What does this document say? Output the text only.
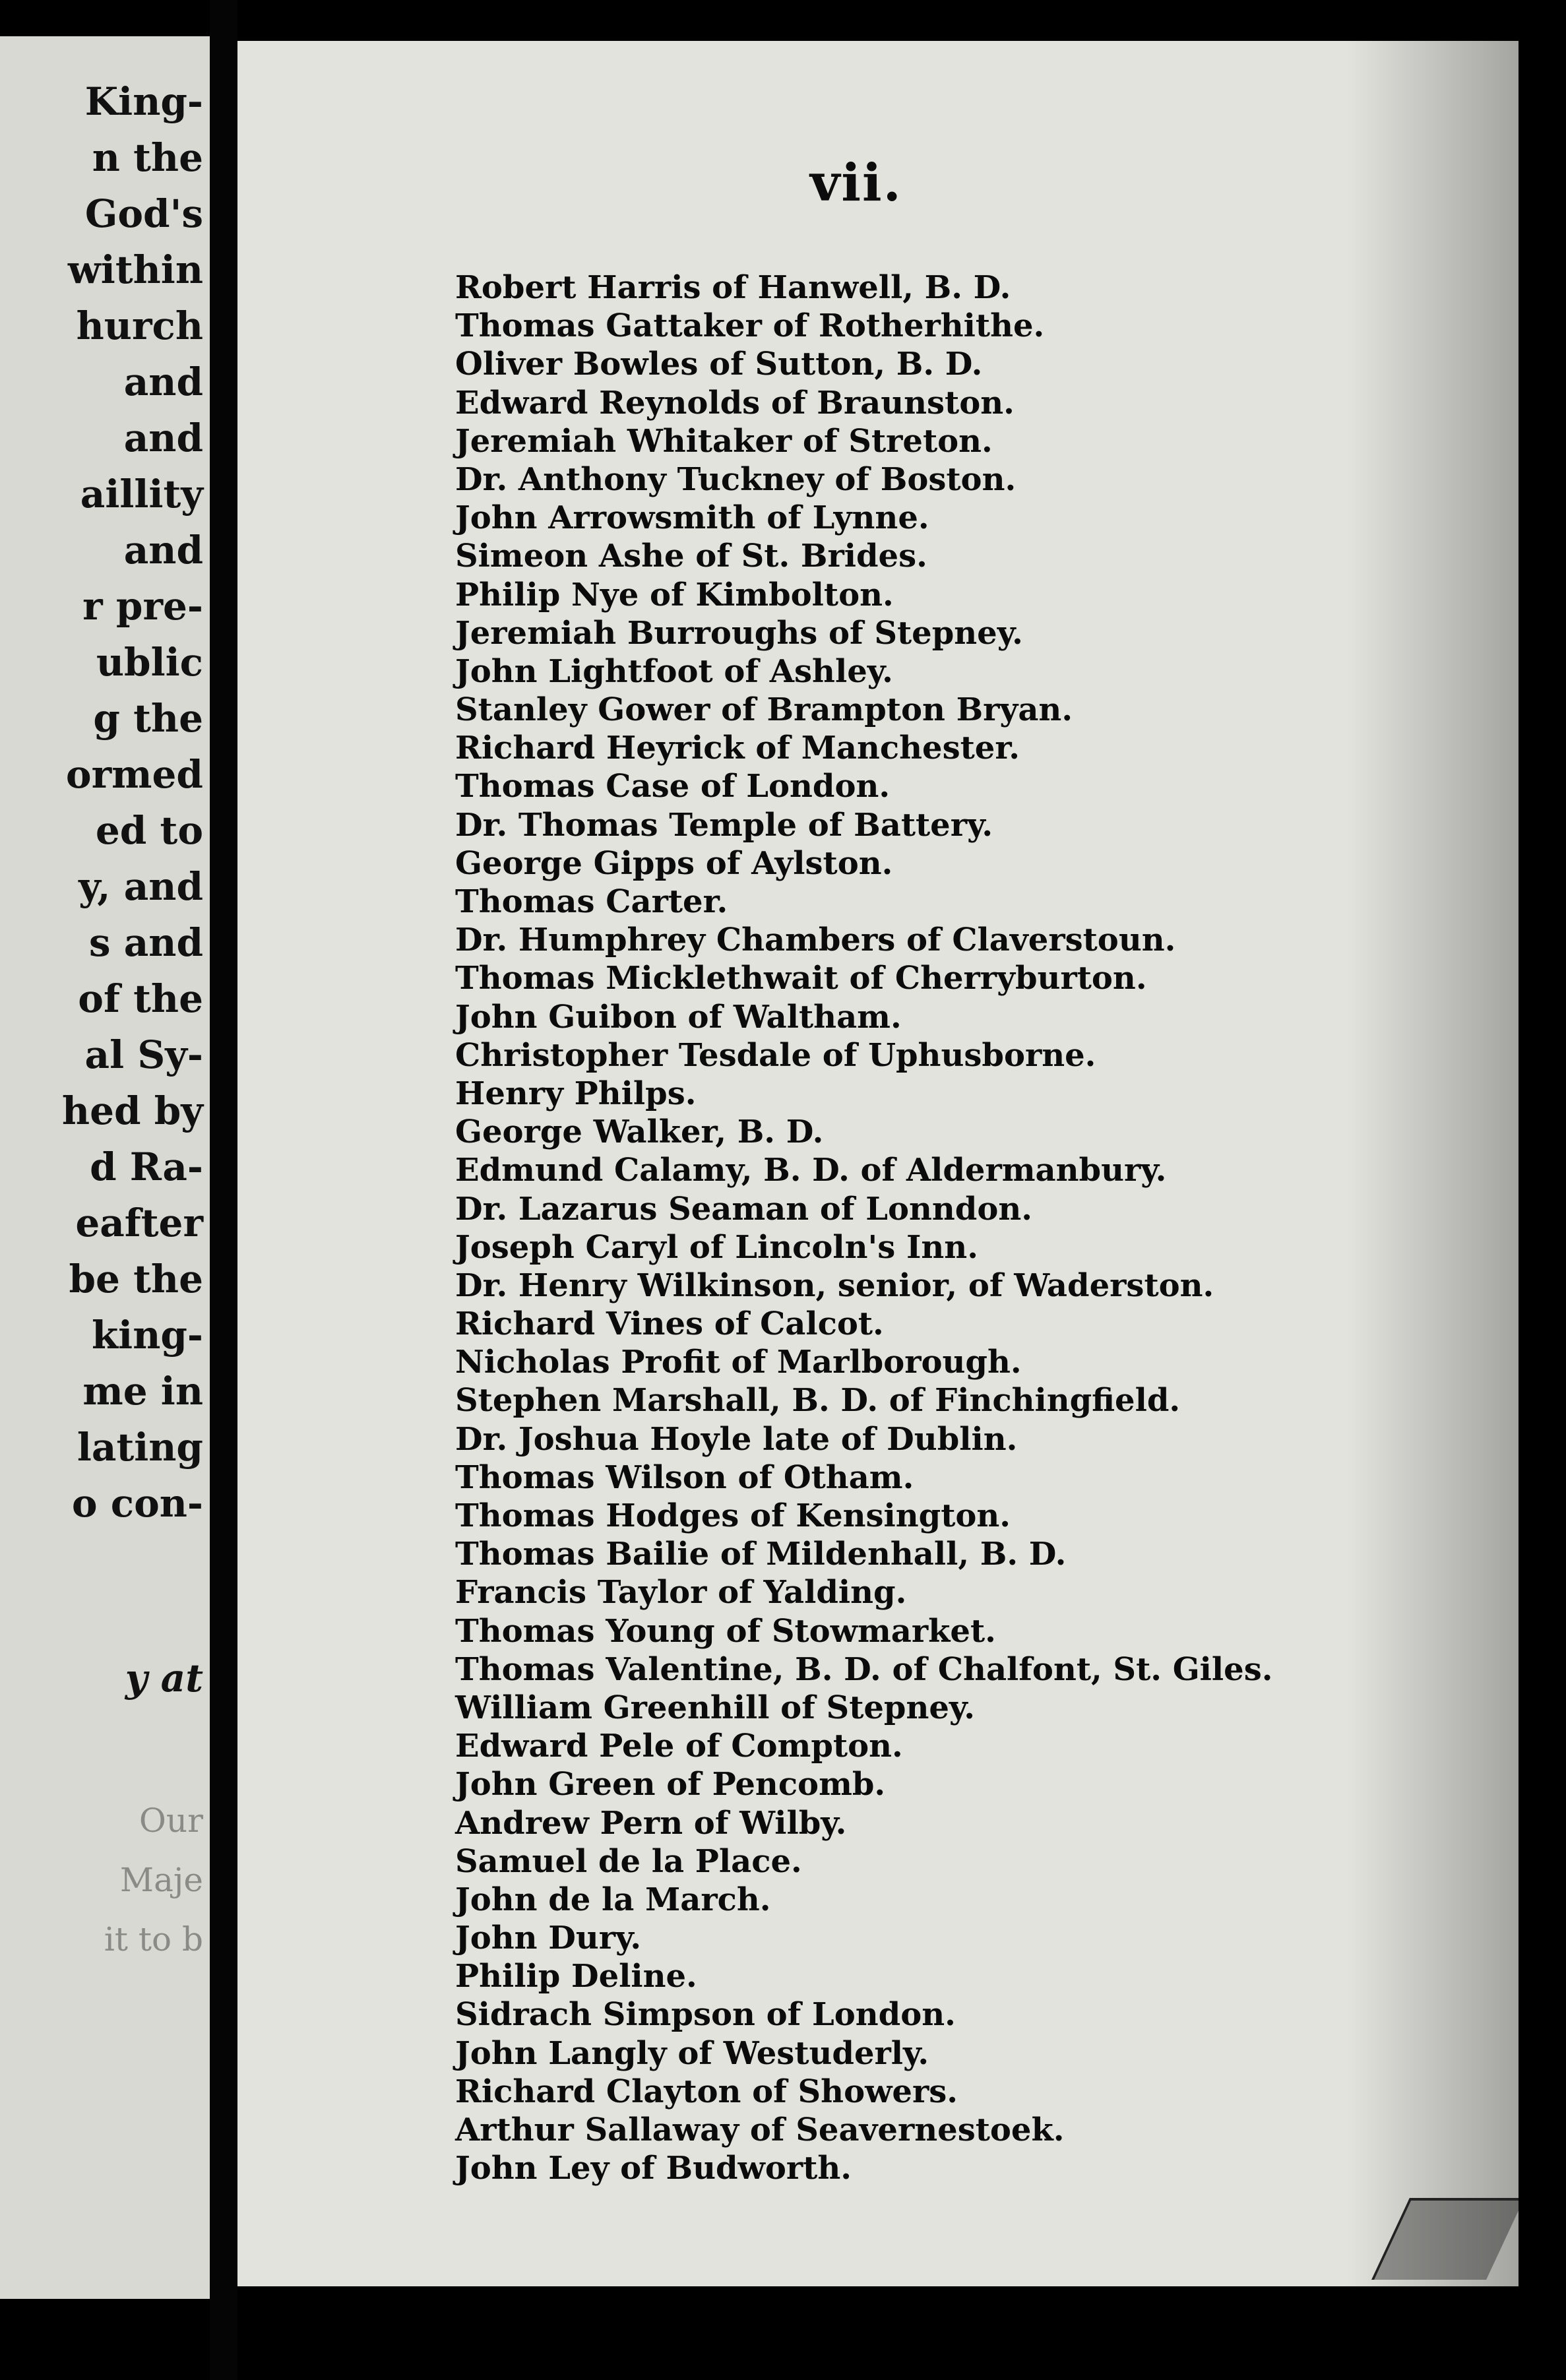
King-
n the
God's
within
hurch
and
and
aillity
and
r pre-
ublic
g the
ormed
ed to
y, and
s and
of the
al Sy-
hed by
d Ra-
eafter
be the
king-
me in
lating
o con-
y at
Our
Maje
it to b
vii.
Robert Harris of Hanwell, B. D.
Thomas Gattaker of Rotherhithe.
Oliver Bowles of Sutton, B. D.
Edward Reynolds of Braunston.
Jeremiah Whitaker of Streton.
Dr. Anthony Tuckney of Boston.
John Arrowsmith of Lynne.
Simeon Ashe of St. Brides.
Philip Nye of Kimbolton.
Jeremiah Burroughs of Stepney.
John Lightfoot of Ashley.
Stanley Gower of Brampton Bryan.
Richard Heyrick of Manchester.
Thomas Case of London.
Dr. Thomas Temple of Battery.
George Gipps of Aylston.
Thomas Carter.
Dr. Humphrey Chambers of Claverstoun.
Thomas Micklethwait of Cherryburton.
John Guibon of Waltham.
Christopher Tesdale of Uphusborne.
Henry Philps.
George Walker, B. D.
Edmund Calamy, B. D. of Aldermanbury.
Dr. Lazarus Seaman of Lonndon.
Joseph Caryl of Lincoln's Inn.
Dr. Henry Wilkinson, senior, of Waderston.
Richard Vines of Calcot.
Nicholas Profit of Marlborough.
Stephen Marshall, B. D. of Finchingfield.
Dr. Joshua Hoyle late of Dublin.
Thomas Wilson of Otham.
Thomas Hodges of Kensington.
Thomas Bailie of Mildenhall, B. D.
Francis Taylor of Yalding.
Thomas Young of Stowmarket.
Thomas Valentine, B. D. of Chalfont, St. Giles.
William Greenhill of Stepney.
Edward Pele of Compton.
John Green of Pencomb.
Andrew Pern of Wilby.
Samuel de la Place.
John de la March.
John Dury.
Philip Deline.
Sidrach Simpson of London.
John Langly of Westuderly.
Richard Clayton of Showers.
Arthur Sallaway of Seavernestoek.
John Ley of Budworth.
